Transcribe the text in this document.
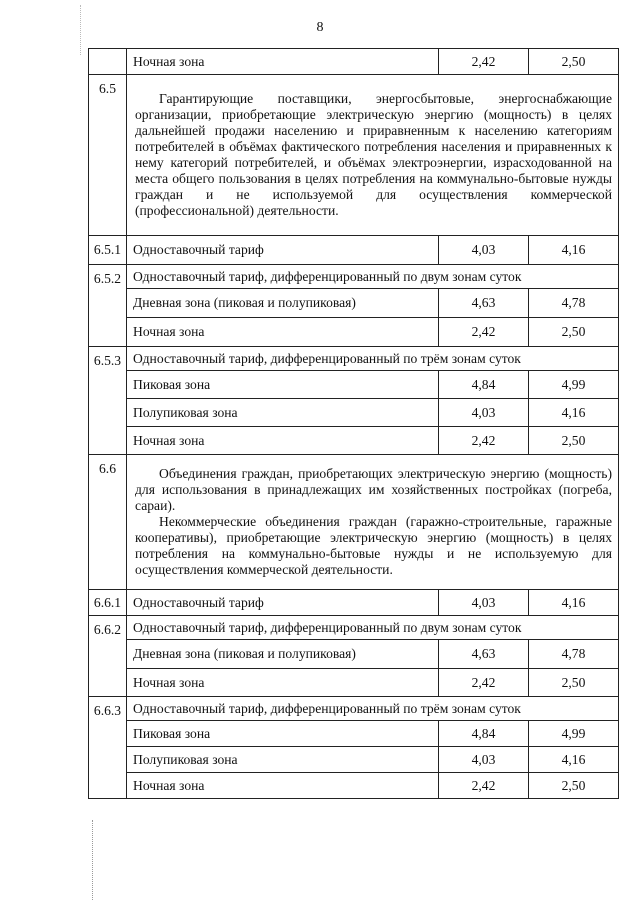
8
	Ночная зона	2,42	2,50
6.5	Гарантирующие поставщики, энергосбытовые, энергоснабжающие организации, приобретающие электрическую энергию (мощность) в целях дальнейшей продажи населению и приравненным к населению категориям потребителей в объёмах фактического потребления населения и приравненных к нему категорий потребителей, и объёмах электроэнергии, израсходованной на места общего пользования в целях потребления на коммунально-бытовые нужды граждан и не используемой для осуществления коммерческой (профессиональной) деятельности.		
6.5.1	Одноставочный тариф	4,03	4,16
6.5.2	Одноставочный тариф, дифференцированный по двум зонам суток		
	Дневная зона (пиковая и полупиковая)	4,63	4,78
	Ночная зона	2,42	2,50
6.5.3	Одноставочный тариф, дифференцированный по трём зонам суток		
	Пиковая зона	4,84	4,99
	Полупиковая зона	4,03	4,16
	Ночная зона	2,42	2,50
6.6	Объединения граждан, приобретающих электрическую энергию (мощность) для использования в принадлежащих им хозяйственных постройках (погреба, сараи).
Некоммерческие объединения граждан (гаражно-строительные, гаражные кооперативы), приобретающие электрическую энергию (мощность) в целях потребления на коммунально-бытовые нужды и не используемую для осуществления коммерческой деятельности.		

6.6.1	Одноставочный тариф	4,03	4,16
6.6.2	Одноставочный тариф, дифференцированный по двум зонам суток		
	Дневная зона (пиковая и полупиковая)	4,63	4,78
	Ночная зона	2,42	2,50
6.6.3	Одноставочный тариф, дифференцированный по трём зонам суток		
	Пиковая зона	4,84	4,99
	Полупиковая зона	4,03	4,16
	Ночная зона	2,42	2,50
